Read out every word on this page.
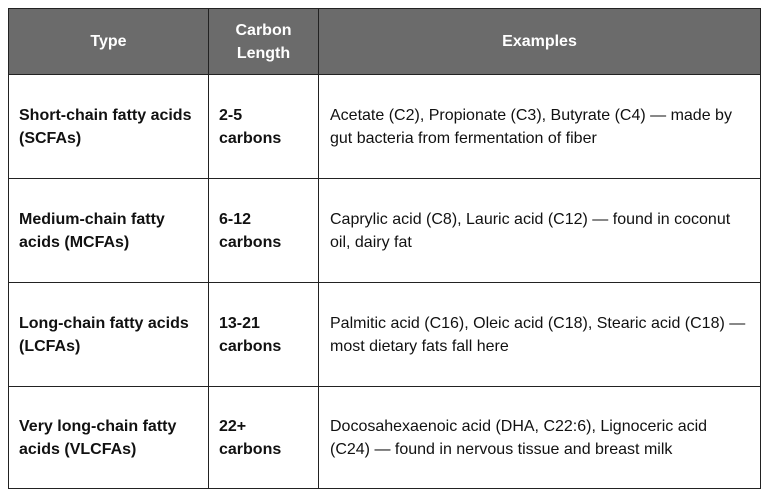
Type	Carbon Length	Examples
Short-chain fatty acids (SCFAs)	2-5 carbons	Acetate (C2), Propionate (C3), Butyrate (C4) — made by gut bacteria from fermentation of fiber
Medium-chain fatty acids (MCFAs)	6-12 carbons	Caprylic acid (C8), Lauric acid (C12) — found in coconut oil, dairy fat
Long-chain fatty acids (LCFAs)	13-21 carbons	Palmitic acid (C16), Oleic acid (C18), Stearic acid (C18) — most dietary fats fall here
Very long-chain fatty acids (VLCFAs)	22+ carbons	Docosahexaenoic acid (DHA, C22:6), Lignoceric acid (C24) — found in nervous tissue and breast milk
